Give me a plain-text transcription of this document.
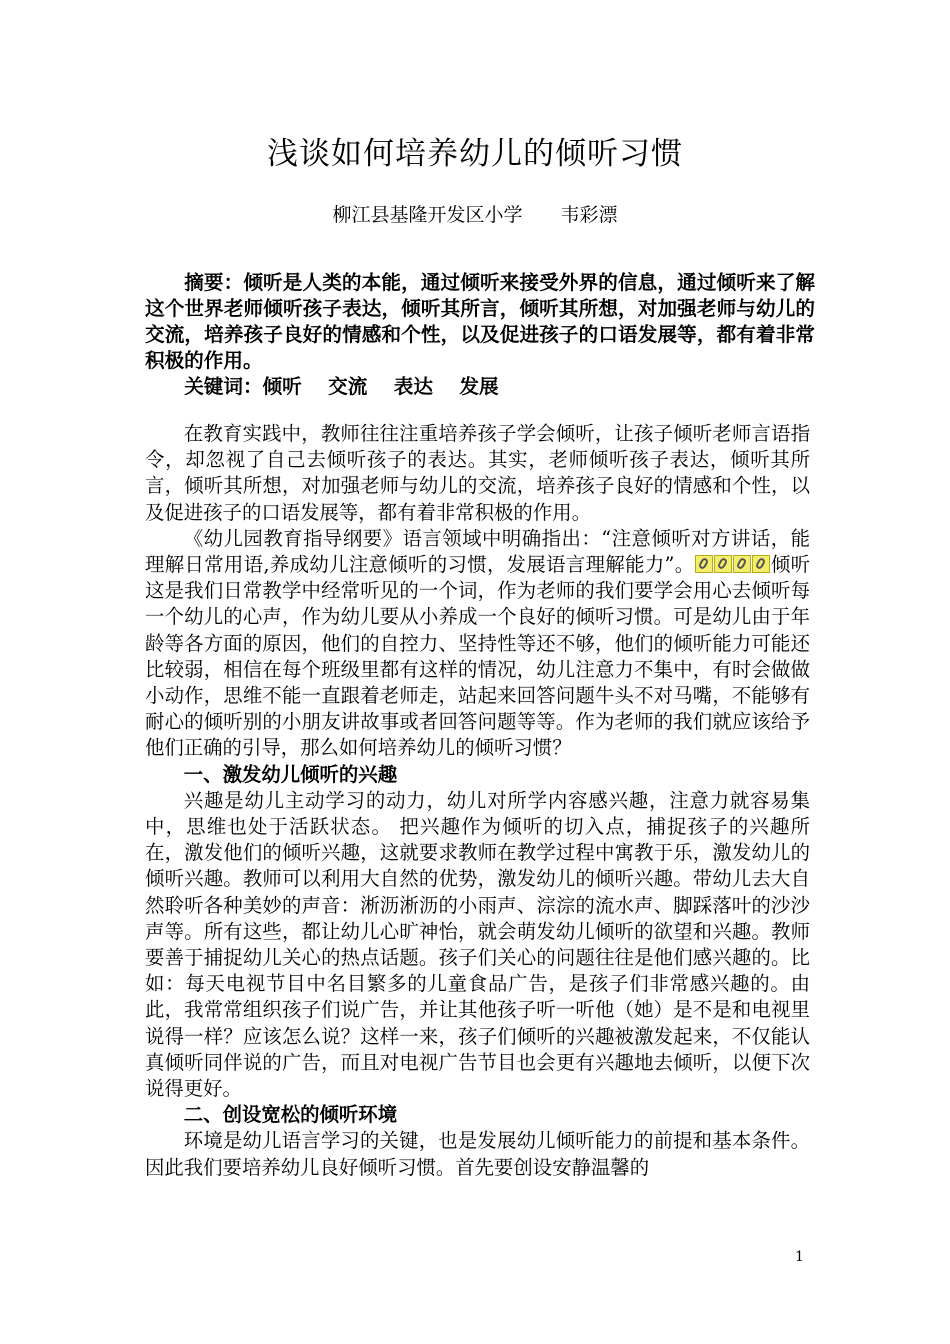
浅谈如何培养幼儿的倾听习惯
柳江县基隆开发区小学　　韦彩漂

摘要：倾听是人类的本能，通过倾听来接受外界的信息，通过倾听来了解这个世界老师倾听孩子表达，倾听其所言，倾听其所想，对加强老师与幼儿的交流，培养孩子良好的情感和个性，以及促进孩子的口语发展等，都有着非常积极的作用。

关键词：倾听　 交流　 表达　 发展

在教育实践中，教师往往注重培养孩子学会倾听，让孩子倾听老师言语指令，却忽视了自己去倾听孩子的表达。其实，老师倾听孩子表达，倾听其所言，倾听其所想，对加强老师与幼儿的交流，培养孩子良好的情感和个性，以及促进孩子的口语发展等，都有着非常积极的作用。

《幼儿园教育指导纲要》语言领域中明确指出：“注意倾听对方讲话，能理解日常用语,养成幼儿注意倾听的习惯，发展语言理解能力”。	倾听这是我们日常教学中经常听见的一个词，作为老师的我们要学会用心去倾听每一个幼儿的心声，作为幼儿要从小养成一个良好的倾听习惯。可是幼儿由于年龄等各方面的原因，他们的自控力、坚持性等还不够，他们的倾听能力可能还比较弱，相信在每个班级里都有这样的情况，幼儿注意力不集中，有时会做做小动作，思维不能一直跟着老师走，站起来回答问题牛头不对马嘴，不能够有耐心的倾听别的小朋友讲故事或者回答问题等等。作为老师的我们就应该给予他们正确的引导，那么如何培养幼儿的倾听习惯？

一、激发幼儿倾听的兴趣

兴趣是幼儿主动学习的动力，幼儿对所学内容感兴趣，注意力就容易集中，思维也处于活跃状态。 把兴趣作为倾听的切入点，捕捉孩子的兴趣所在，激发他们的倾听兴趣，这就要求教师在教学过程中寓教于乐，激发幼儿的倾听兴趣。教师可以利用大自然的优势，激发幼儿的倾听兴趣。带幼儿去大自然聆听各种美妙的声音：淅沥淅沥的小雨声、淙淙的流水声、脚踩落叶的沙沙声等。所有这些，都让幼儿心旷神怡，就会萌发幼儿倾听的欲望和兴趣。教师要善于捕捉幼儿关心的热点话题。孩子们关心的问题往往是他们感兴趣的。比如：每天电视节目中名目繁多的儿童食品广告，是孩子们非常感兴趣的。由此，我常常组织孩子们说广告，并让其他孩子听一听他（她）是不是和电视里说得一样？应该怎么说？这样一来，孩子们倾听的兴趣被激发起来，不仅能认真倾听同伴说的广告，而且对电视广告节目也会更有兴趣地去倾听，以便下次说得更好。

二、创设宽松的倾听环境

环境是幼儿语言学习的关键，也是发展幼儿倾听能力的前提和基本条件。因此我们要培养幼儿良好倾听习惯。首先要创设安静温馨的

1
